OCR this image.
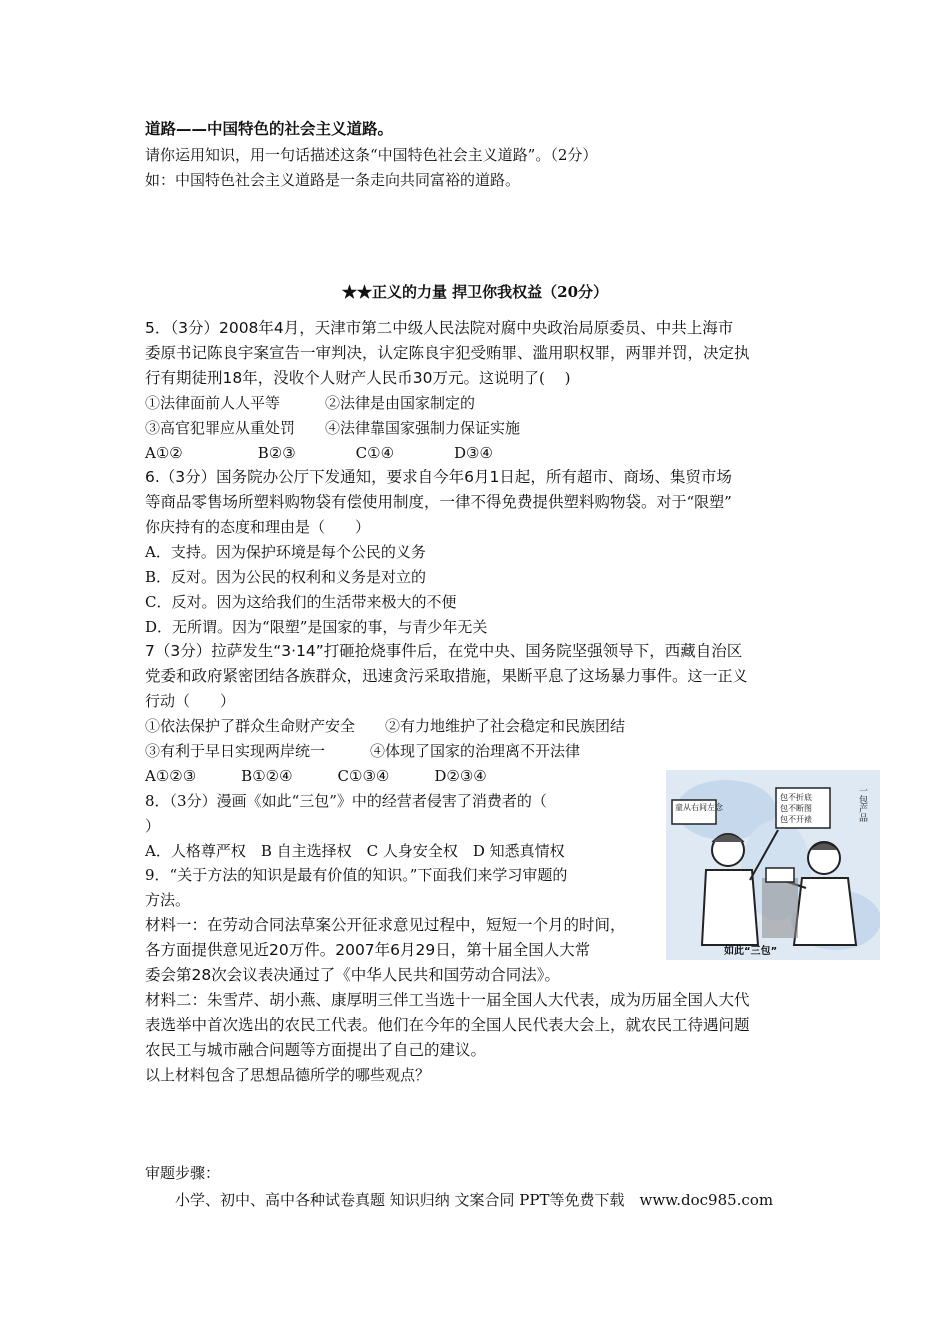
道路——中国特色的社会主义道路。
请你运用知识，用一句话描述这条“中国特色社会主义道路”。（2分）
如：中国特色社会主义道路是一条走向共同富裕的道路。
★★正义的力量 捍卫你我权益（20分）
5．（3分）2008年4月，天津市第二中级人民法院对腐中央政治局原委员、中共上海市
委原书记陈良宇案宣告一审判决，认定陈良宇犯受贿罪、滥用职权罪，两罪并罚，决定执
行有期徒刑18年，没收个人财产人民币30万元。这说明了(　 )
①法律面前人人平等　　　②法律是由国家制定的
③高官犯罪应从重处罚　　④法律靠国家强制力保证实施
A①②　　　　　B②③　　　　C①④　　　　D③④
6.（3分）国务院办公厅下发通知，要求自今年6月1日起，所有超市、商场、集贸市场
等商品零售场所塑料购物袋有偿使用制度，一律不得免费提供塑料购物袋。对于“限塑”
你庆持有的态度和理由是（　　）
A．支持。因为保护环境是每个公民的义务
B．反对。因为公民的权利和义务是对立的
C．反对。因为这给我们的生活带来极大的不便
D．无所谓。因为“限塑”是国家的事，与青少年无关
7（3分）拉萨发生“3·14”打砸抢烧事件后，在党中央、国务院坚强领导下，西藏自治区
党委和政府紧密团结各族群众，迅速贪污采取措施，果断平息了这场暴力事件。这一正义
行动（　　）
①依法保护了群众生命财产安全　　②有力地维护了社会稳定和民族团结
③有利于早日实现两岸统一　　　④体现了国家的治理离不开法律
A①②③　　　B①②④　　　C①③④　　　D②③④
8．（3分）漫画《如此“三包”》中的经营者侵害了消费者的（
）
A．人格尊严权　B 自主选择权　C 人身安全权　D 知悉真情权
9．“关于方法的知识是最有价值的知识。”下面我们来学习审题的
方法。
材料一：在劳动合同法草案公开征求意见过程中，短短一个月的时间，
各方面提供意见近20万件。2007年6月29日，第十届全国人大常
委会第28次会议表决通过了《中华人民共和国劳动合同法》。
材料二：朱雪芹、胡小燕、康厚明三伴工当选十一届全国人大代表，成为历届全国人大代
表选举中首次选出的农民工代表。他们在今年的全国人民代表大会上，就农民工待遇问题
农民工与城市融合问题等方面提出了自己的建议。
以上材料包含了思想品德所学的哪些观点？
审题步骤：
小学、初中、高中各种试卷真题 知识归纳 文案合同 PPT等免费下载　www.doc985.com
童从右间左念
包不折底
包不断图
包不开裱	一包产品
如此“三包”
